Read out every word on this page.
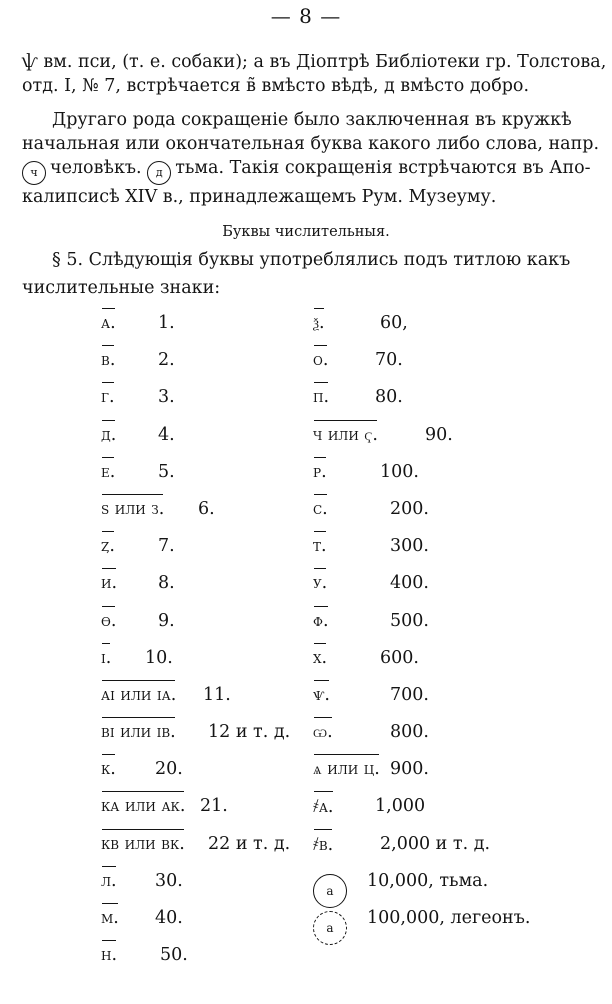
— 8 —
ѱ вм. пси, (т. е. собаки); а въ Діоптрѣ Библіотеки гр. Толстова,
отд. I, № 7, встрѣчается в̃ вмѣсто вѣдѣ, д вмѣсто добро.
Другаго рода сокращеніе было заключенная въ кружкѣ
начальная или окончательная буква какого либо слова, напр.
ч человѣкъ. д тьма. Такія сокращенія встрѣчаются въ Апо-
калипсисѣ XIV в., принадлежащемъ Рум. Музеуму.
Буквы числительныя.
§ 5. Слѣдующія буквы употреблялись подъ титлою какъ
числительные знаки:
а. 1.	ѯ.	60,
в. 2.	о.	70.
г. 3.	п.	80.
д. 4.	ч или ҁ.	90.
е. 5.	р.	100.
ѕ или з. 6.	с.	200.
ȥ. 7.	т.	300.
и. 8.	у.	400.
ѳ. 9.	ф.	500.
і. 10.	х.	600.
аі или іа. 11.	ѱ.	700.
ві или ів. 12 и т. д. ѡ.	800.
к. 20.	ѧ или ц. 900.
ка или ак. 21.	҂а. 1,000
кв или вк. 22 и т. д. ҂в.	2,000 и т. д.
л. 30.	а	10,000, тьма.
м. 40.	а	100,000, легеонъ.
н. 50.
